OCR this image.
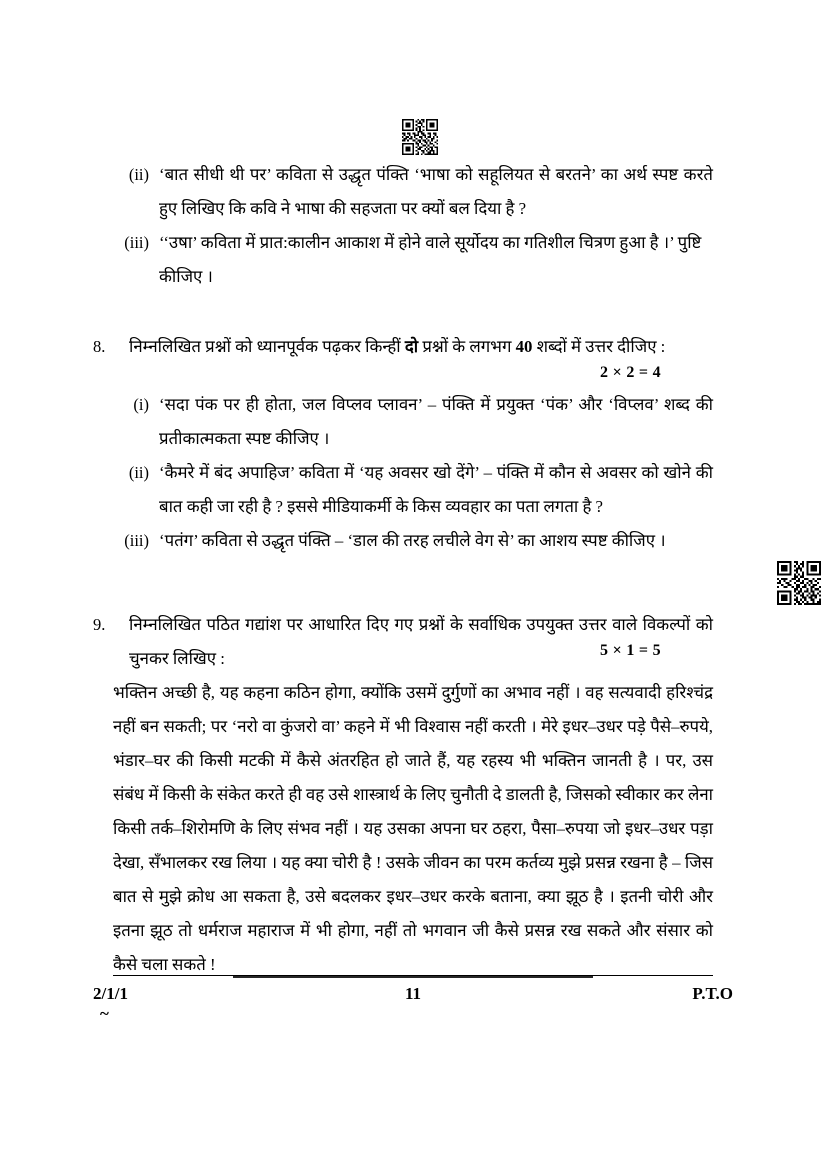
(ii) ‘बात सीधी थी पर’ कविता से उद्धृत पंक्ति ‘भाषा को सहूलियत से बरतने’ का अर्थ स्पष्ट करते हुए लिखिए कि कवि ने भाषा की सहजता पर क्यों बल दिया है ?
(iii) ‘‘उषा’ कविता में प्रात:कालीन आकाश में होने वाले सूर्योदय का गतिशील चित्रण हुआ है ।’ पुष्टि कीजिए ।
8.	निम्नलिखित प्रश्नों को ध्यानपूर्वक पढ़कर किन्हीं दो प्रश्नों के लगभग 40 शब्दों में उत्तर दीजिए :

2 × 2 = 4
(i) ‘सदा पंक पर ही होता, जल विप्लव प्लावन’ – पंक्ति में प्रयुक्त ‘पंक’ और ‘विप्लव’ शब्द की प्रतीकात्मकता स्पष्ट कीजिए ।
(ii) ‘कैमरे में बंद अपाहिज’ कविता में ‘यह अवसर खो देंगे’ – पंक्ति में कौन से अवसर को खोने की बात कही जा रही है ? इससे मीडियाकर्मी के किस व्यवहार का पता लगता है ?
(iii) ‘पतंग’ कविता से उद्धृत पंक्ति – ‘डाल की तरह लचीले वेग से’ का आशय स्पष्ट कीजिए ।
9.	निम्नलिखित पठित गद्यांश पर आधारित दिए गए प्रश्नों के सर्वाधिक उपयुक्त उत्तर वाले विकल्पों को चुनकर लिखिए :	5 × 1 = 5

भक्तिन अच्छी है, यह कहना कठिन होगा, क्योंकि उसमें दुर्गुणों का अभाव नहीं । वह सत्यवादी हरिश्चंद्र नहीं बन सकती; पर ‘नरो वा कुंजरो वा’ कहने में भी विश्वास नहीं करती । मेरे इधर–उधर पड़े पैसे–रुपये, भंडार–घर की किसी मटकी में कैसे अंतरहित हो जाते हैं, यह रहस्य भी भक्तिन जानती है । पर, उस संबंध में किसी के संकेत करते ही वह उसे शास्त्रार्थ के लिए चुनौती दे डालती है, जिसको स्वीकार कर लेना किसी तर्क–शिरोमणि के लिए संभव नहीं । यह उसका अपना घर ठहरा, पैसा–रुपया जो इधर–उधर पड़ा देखा, सँभालकर रख लिया । यह क्या चोरी है ! उसके जीवन का परम कर्तव्य मुझे प्रसन्न रखना है – जिस बात से मुझे क्रोध आ सकता है, उसे बदलकर इधर–उधर करके बताना, क्या झूठ है । इतनी चोरी और इतना झूठ तो धर्मराज महाराज में भी होगा, नहीं तो भगवान जी कैसे प्रसन्न रख सकते और संसार को कैसे चला सकते !

2/1/1	11	P.T.O
~
